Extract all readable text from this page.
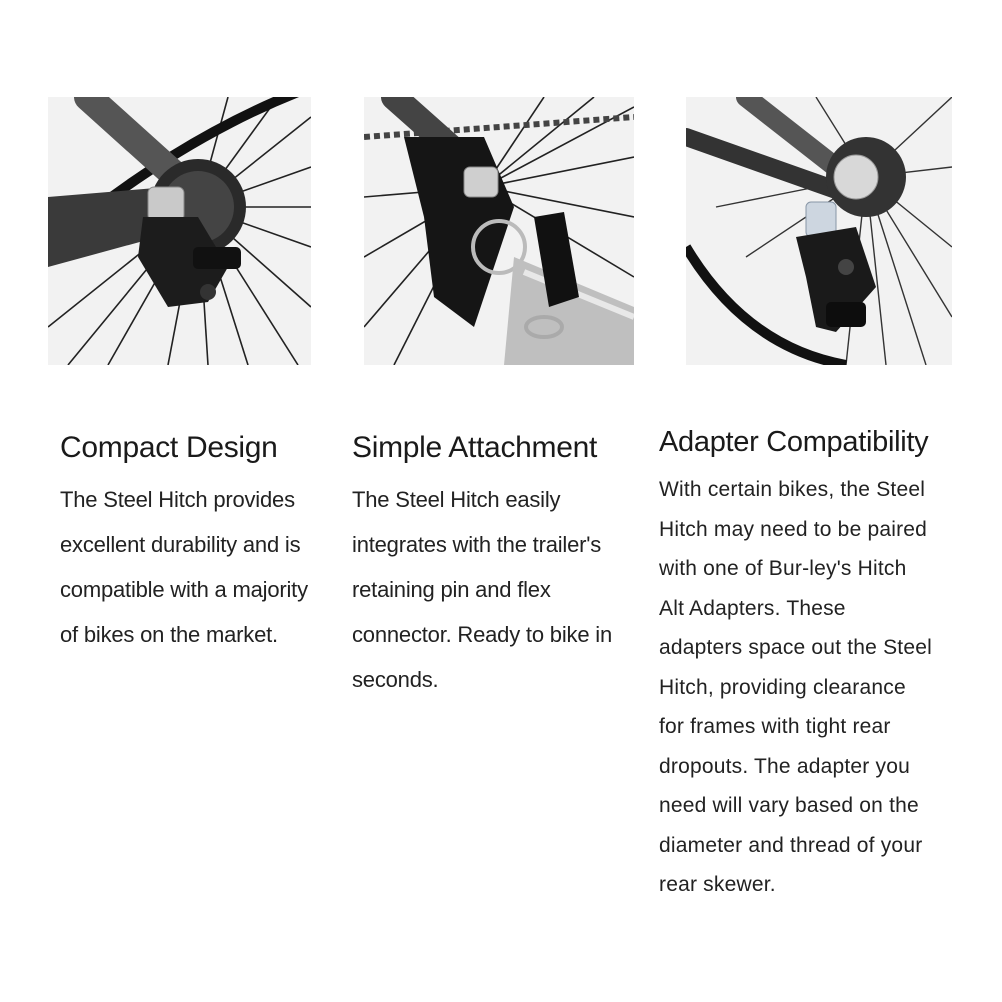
Compact Design
The Steel Hitch provides
excellent durability and is
compatible with a majority
of bikes on the market.
Simple Attachment
The Steel Hitch easily
integrates with the trailer's
retaining pin and flex
connector. Ready to bike in
seconds.
Adapter Compatibility
With certain bikes, the Steel
Hitch may need to be paired
with one of Bur-ley's Hitch
Alt Adapters. These
adapters space out the Steel
Hitch, providing clearance
for frames with tight rear
dropouts. The adapter you
need will vary based on the
diameter and thread of your
rear skewer.
